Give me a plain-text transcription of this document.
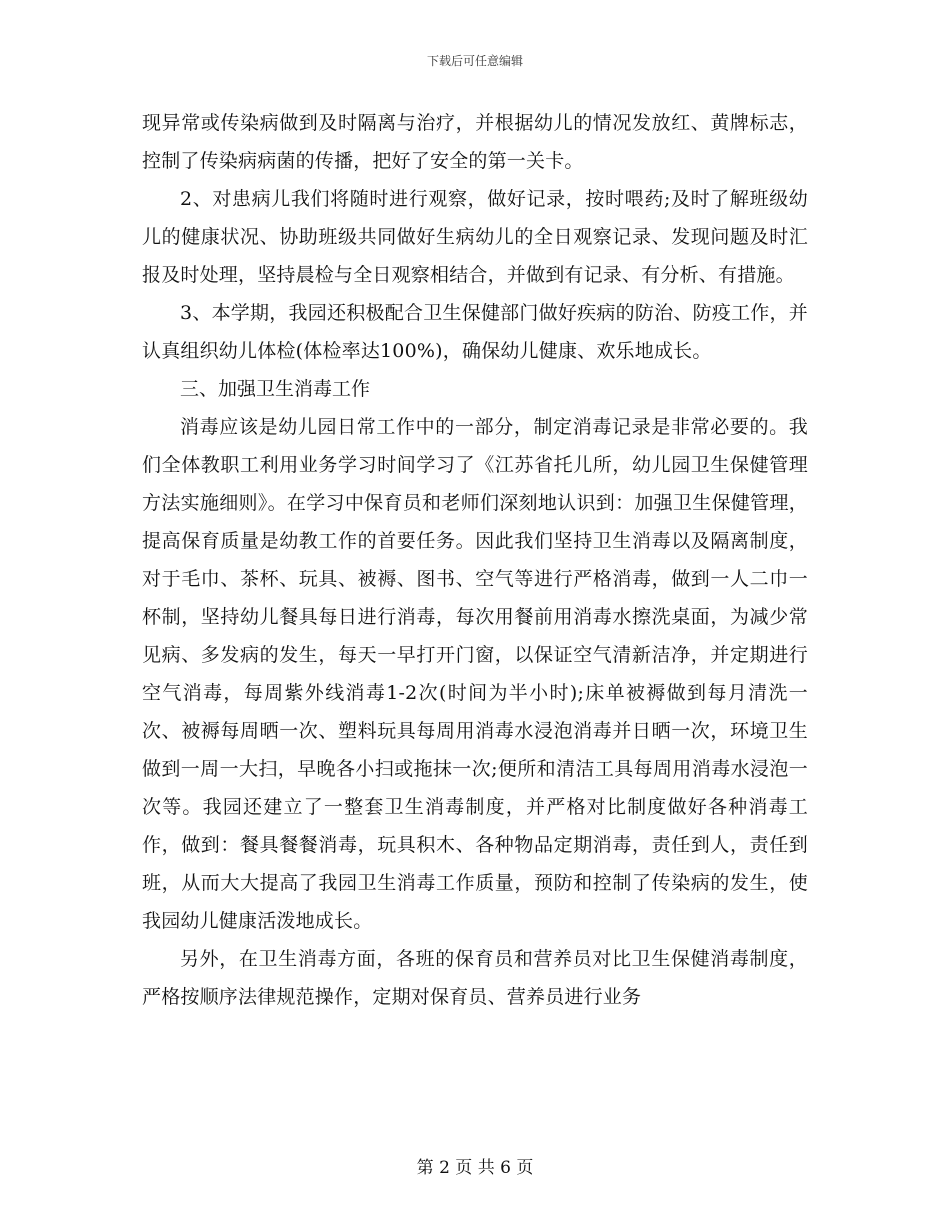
下载后可任意编辑

现异常或传染病做到及时隔离与治疗，并根据幼儿的情况发放红、黄牌标志，控制了传染病病菌的传播，把好了安全的第一关卡。

2、对患病儿我们将随时进行观察，做好记录，按时喂药;及时了解班级幼儿的健康状况、协助班级共同做好生病幼儿的全日观察记录、发现问题及时汇报及时处理，坚持晨检与全日观察相结合，并做到有记录、有分析、有措施。

3、本学期，我园还积极配合卫生保健部门做好疾病的防治、防疫工作，并认真组织幼儿体检(体检率达100%)，确保幼儿健康、欢乐地成长。

三、加强卫生消毒工作

消毒应该是幼儿园日常工作中的一部分，制定消毒记录是非常必要的。我们全体教职工利用业务学习时间学习了《江苏省托儿所，幼儿园卫生保健管理方法实施细则》。在学习中保育员和老师们深刻地认识到：加强卫生保健管理，提高保育质量是幼教工作的首要任务。因此我们坚持卫生消毒以及隔离制度，对于毛巾、茶杯、玩具、被褥、图书、空气等进行严格消毒，做到一人二巾一杯制，坚持幼儿餐具每日进行消毒，每次用餐前用消毒水擦洗桌面，为减少常见病、多发病的发生，每天一早打开门窗，以保证空气清新洁净，并定期进行空气消毒，每周紫外线消毒1-2次(时间为半小时);床单被褥做到每月清洗一次、被褥每周晒一次、塑料玩具每周用消毒水浸泡消毒并日晒一次，环境卫生做到一周一大扫，早晚各小扫或拖抹一次;便所和清洁工具每周用消毒水浸泡一次等。我园还建立了一整套卫生消毒制度，并严格对比制度做好各种消毒工作，做到：餐具餐餐消毒，玩具积木、各种物品定期消毒，责任到人，责任到班，从而大大提高了我园卫生消毒工作质量，预防和控制了传染病的发生，使我园幼儿健康活泼地成长。

另外，在卫生消毒方面，各班的保育员和营养员对比卫生保健消毒制度，严格按顺序法律规范操作，定期对保育员、营养员进行业务

第 2 页 共 6 页
